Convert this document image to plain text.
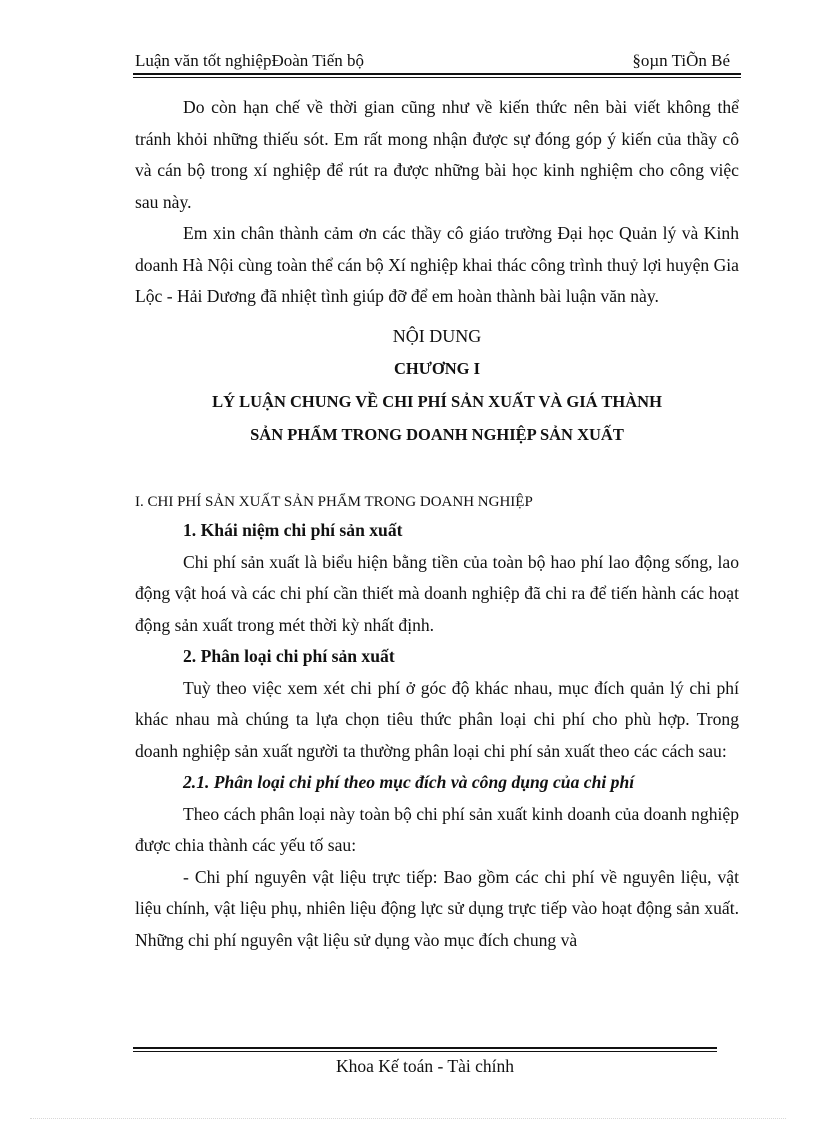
Luận văn tốt nghiệpĐoàn Tiến bộ	§oµn TiÕn Bé

Do còn hạn chế về thời gian cũng như về kiến thức nên bài viết không thể tránh khỏi những thiếu sót. Em rất mong nhận được sự đóng góp ý kiến của thầy cô và cán bộ trong xí nghiệp để rút ra được những bài học kinh nghiệm cho công việc sau này.

Em xin chân thành cảm ơn các thầy cô giáo trường Đại học Quản lý và Kinh doanh Hà Nội cùng toàn thể cán bộ Xí nghiệp khai thác công trình thuỷ lợi huyện Gia Lộc - Hải Dương đã nhiệt tình giúp đỡ để em hoàn thành bài luận văn này.

NỘI DUNG

CHƯƠNG I

LÝ LUẬN CHUNG VỀ CHI PHÍ SẢN XUẤT VÀ GIÁ THÀNH

SẢN PHẨM TRONG DOANH NGHIỆP SẢN XUẤT

I. CHI PHÍ SẢN XUẤT SẢN PHẨM TRONG DOANH NGHIỆP

1. Khái niệm chi phí sản xuất

Chi phí sản xuất là biểu hiện bằng tiền của toàn bộ hao phí lao động sống, lao động vật hoá và các chi phí cần thiết mà doanh nghiệp đã chi ra để tiến hành các hoạt động sản xuất trong mét thời kỳ nhất định.

2. Phân loại chi phí sản xuất

Tuỳ theo việc xem xét chi phí ở góc độ khác nhau, mục đích quản lý chi phí khác nhau mà chúng ta lựa chọn tiêu thức phân loại chi phí cho phù hợp. Trong doanh nghiệp sản xuất người ta thường phân loại chi phí sản xuất theo các cách sau:

2.1. Phân loại chi phí theo mục đích và công dụng của chi phí

Theo cách phân loại này toàn bộ chi phí sản xuất kinh doanh của doanh nghiệp được chia thành các yếu tố sau:

- Chi phí nguyên vật liệu trực tiếp: Bao gồm các chi phí về nguyên liệu, vật liệu chính, vật liệu phụ, nhiên liệu động lực sử dụng trực tiếp vào hoạt động sản xuất. Những chi phí nguyên vật liệu sử dụng vào mục đích chung và

Khoa Kế toán - Tài chính
